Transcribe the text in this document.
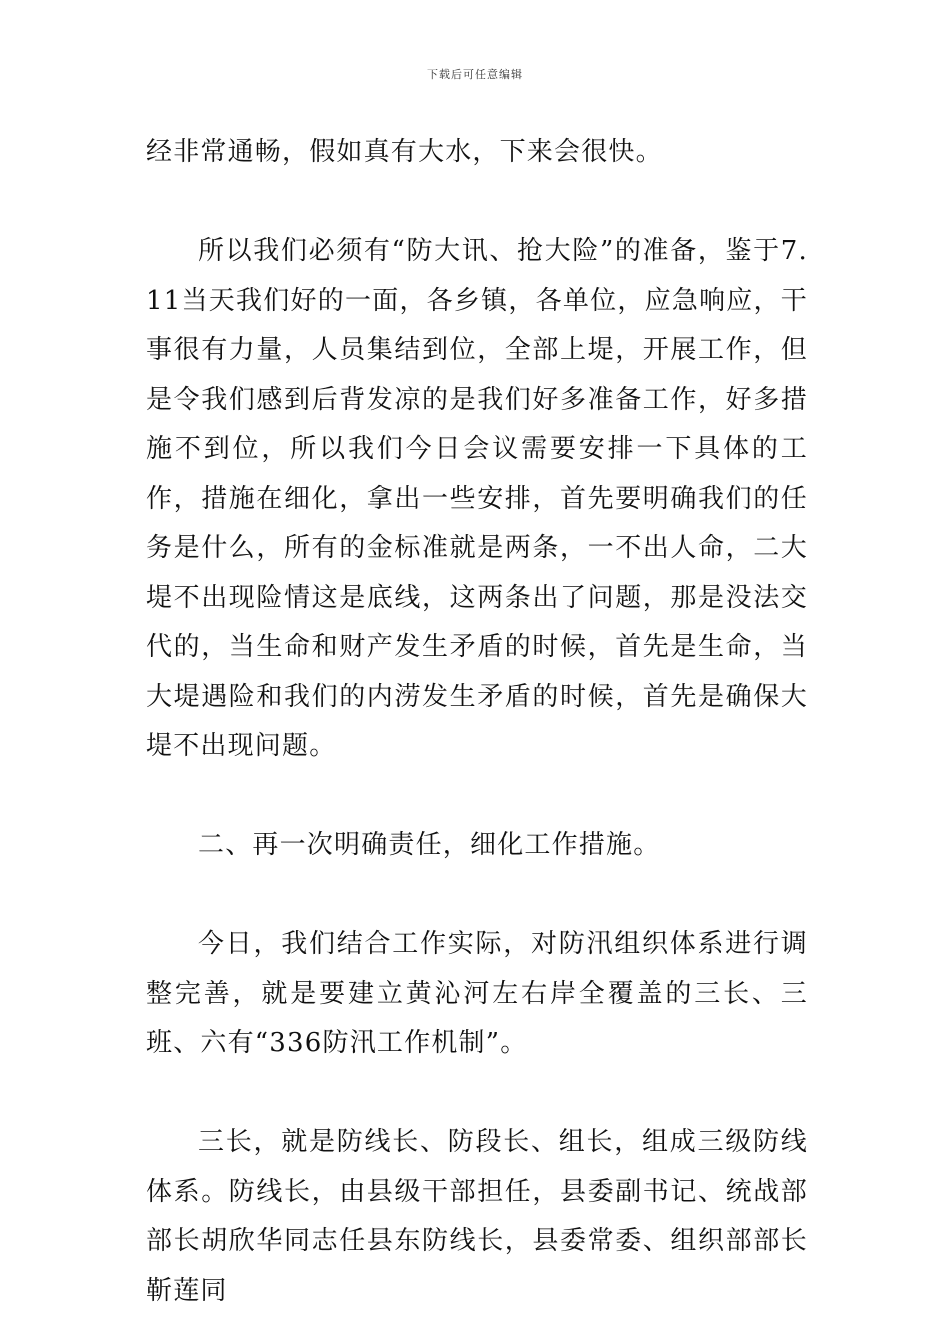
下载后可任意编辑

经非常通畅，假如真有大水，下来会很快。

所以我们必须有“防大讯、抢大险”的准备，鉴于7.11当天我们好的一面，各乡镇，各单位，应急响应，干事很有力量，人员集结到位，全部上堤，开展工作，但是令我们感到后背发凉的是我们好多准备工作，好多措施不到位，所以我们今日会议需要安排一下具体的工作，措施在细化，拿出一些安排，首先要明确我们的任务是什么，所有的金标准就是两条，一不出人命，二大堤不出现险情这是底线，这两条出了问题，那是没法交代的，当生命和财产发生矛盾的时候，首先是生命，当大堤遇险和我们的内涝发生矛盾的时候，首先是确保大堤不出现问题。

二、再一次明确责任，细化工作措施。

今日，我们结合工作实际，对防汛组织体系进行调整完善，就是要建立黄沁河左右岸全覆盖的三长、三班、六有“336防汛工作机制”。

三长，就是防线长、防段长、组长，组成三级防线体系。防线长，由县级干部担任，县委副书记、统战部部长胡欣华同志任县东防线长，县委常委、组织部部长靳莲同
